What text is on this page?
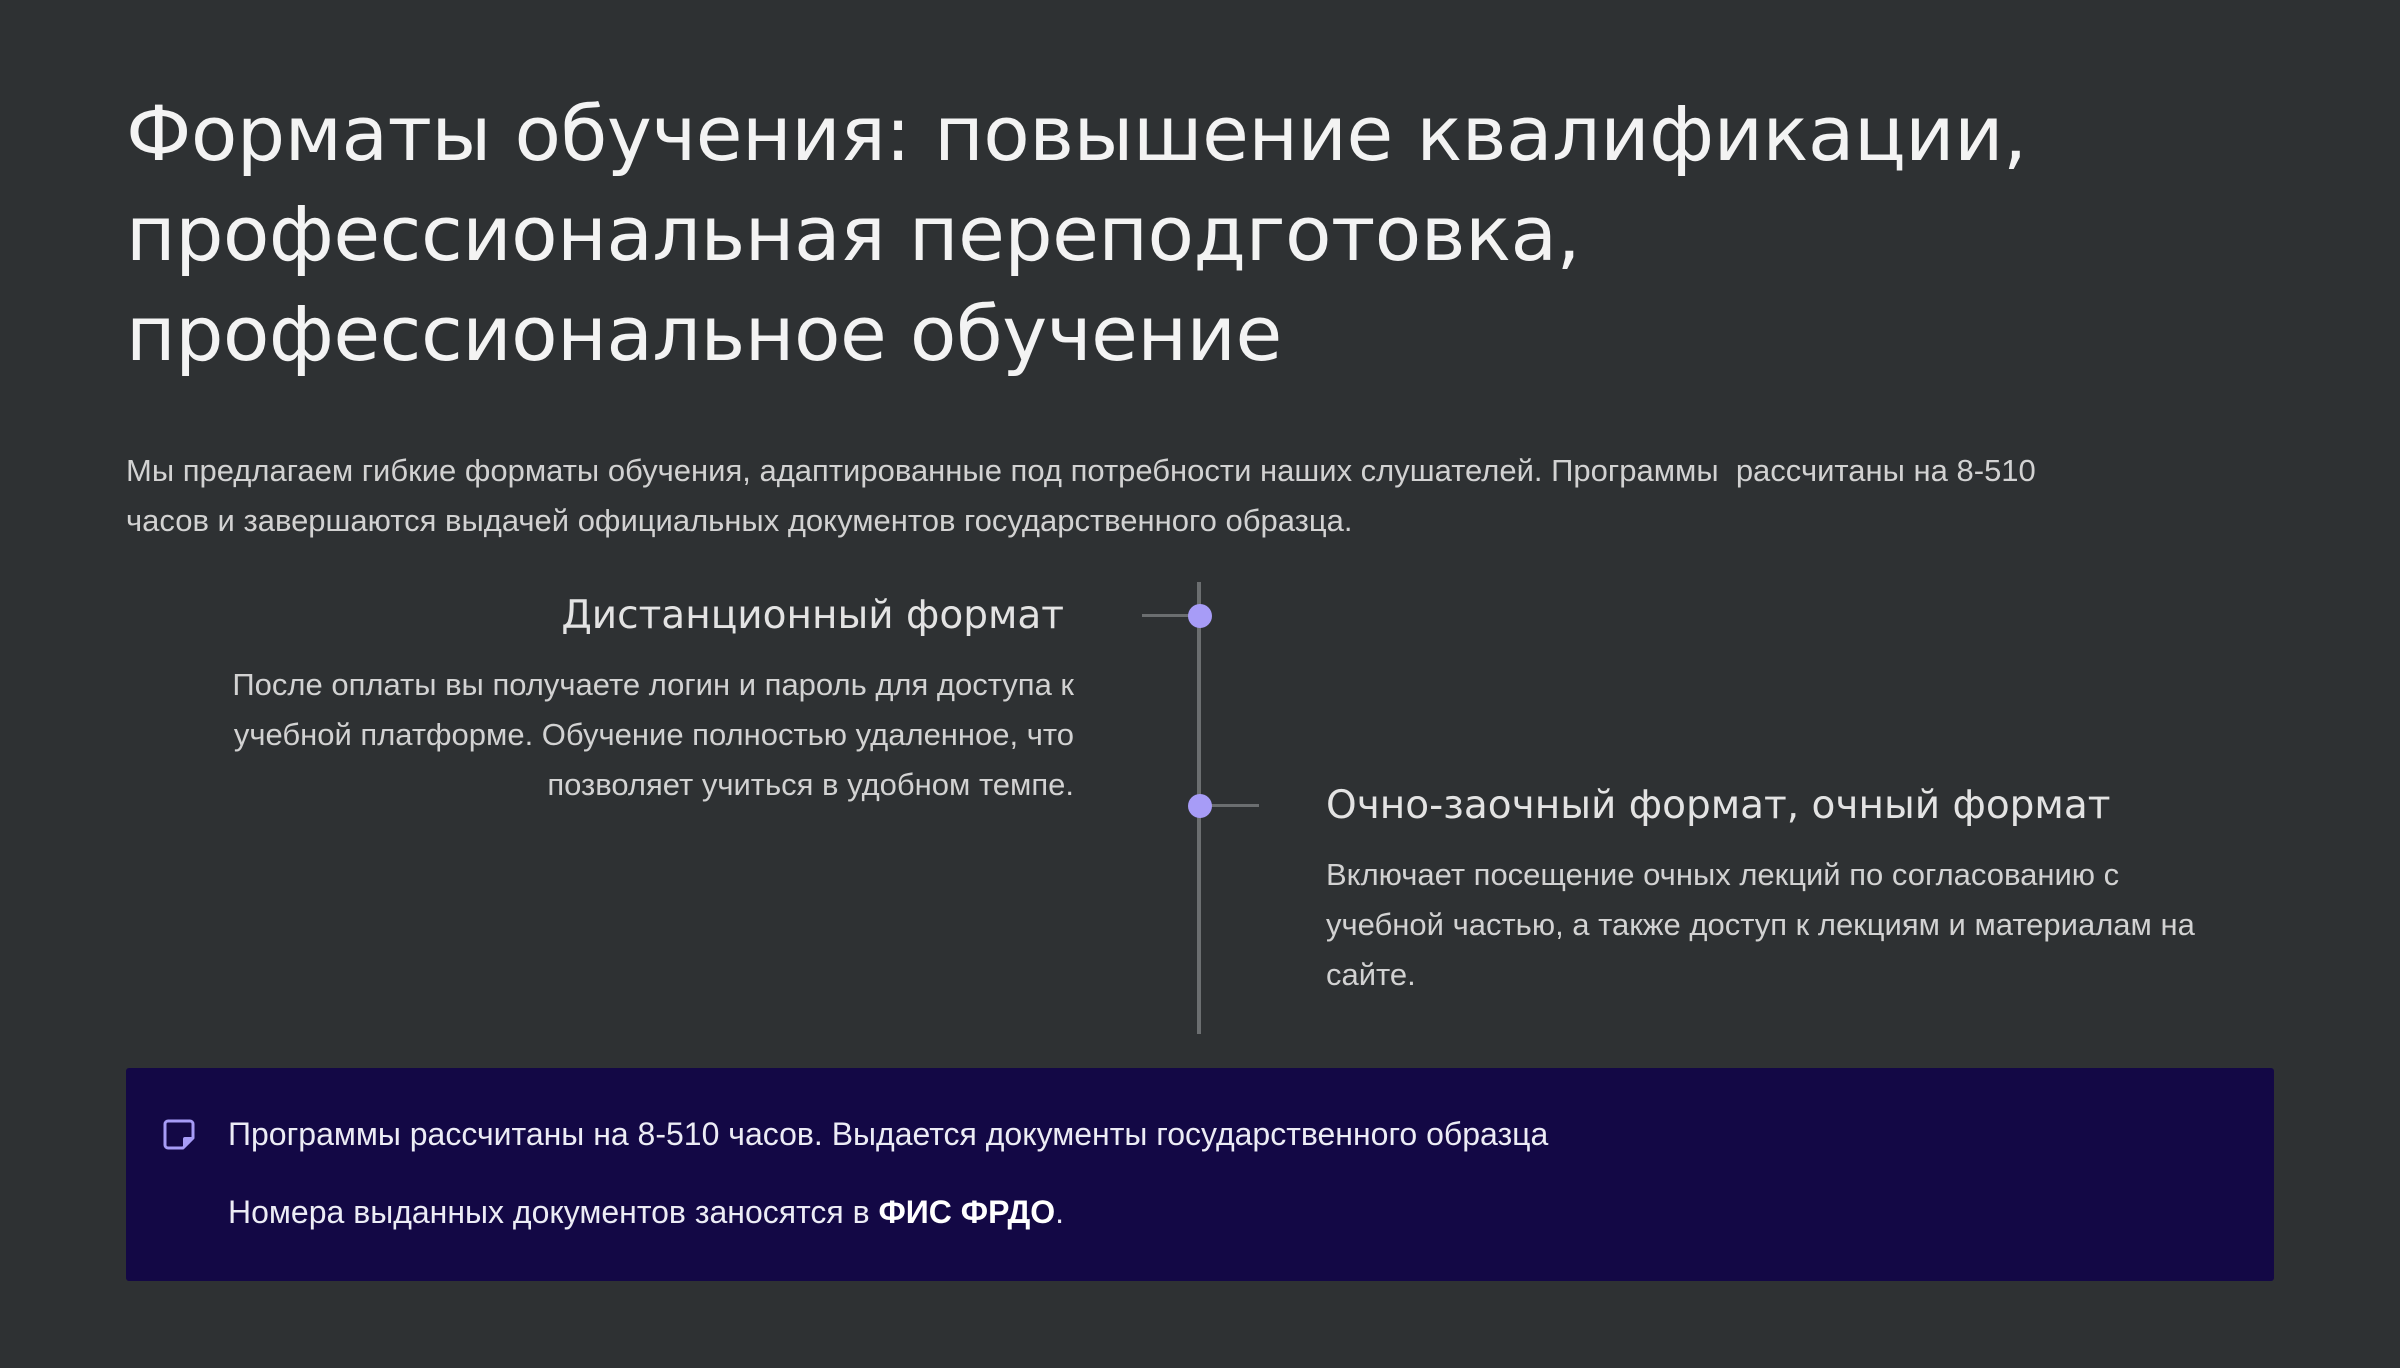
Форматы обучения: повышение квалификации,
профессиональная переподготовка,
профессиональное обучение

Мы предлагаем гибкие форматы обучения, адаптированные под потребности наших слушателей. Программы  рассчитаны на 8-510
часов и завершаются выдачей официальных документов государственного образца.

Дистанционный формат

После оплаты вы получаете логин и пароль для доступа к
учебной платформе. Обучение полностью удаленное, что
позволяет учиться в удобном темпе.	Очно-заочный формат, очный формат

Включает посещение очных лекций по согласованию с
учебной частью, а также доступ к лекциям и материалам на
сайте.

Программы рассчитаны на 8-510 часов. Выдается документы государственного образца

Номера выданных документов заносятся в ФИС ФРДО.
